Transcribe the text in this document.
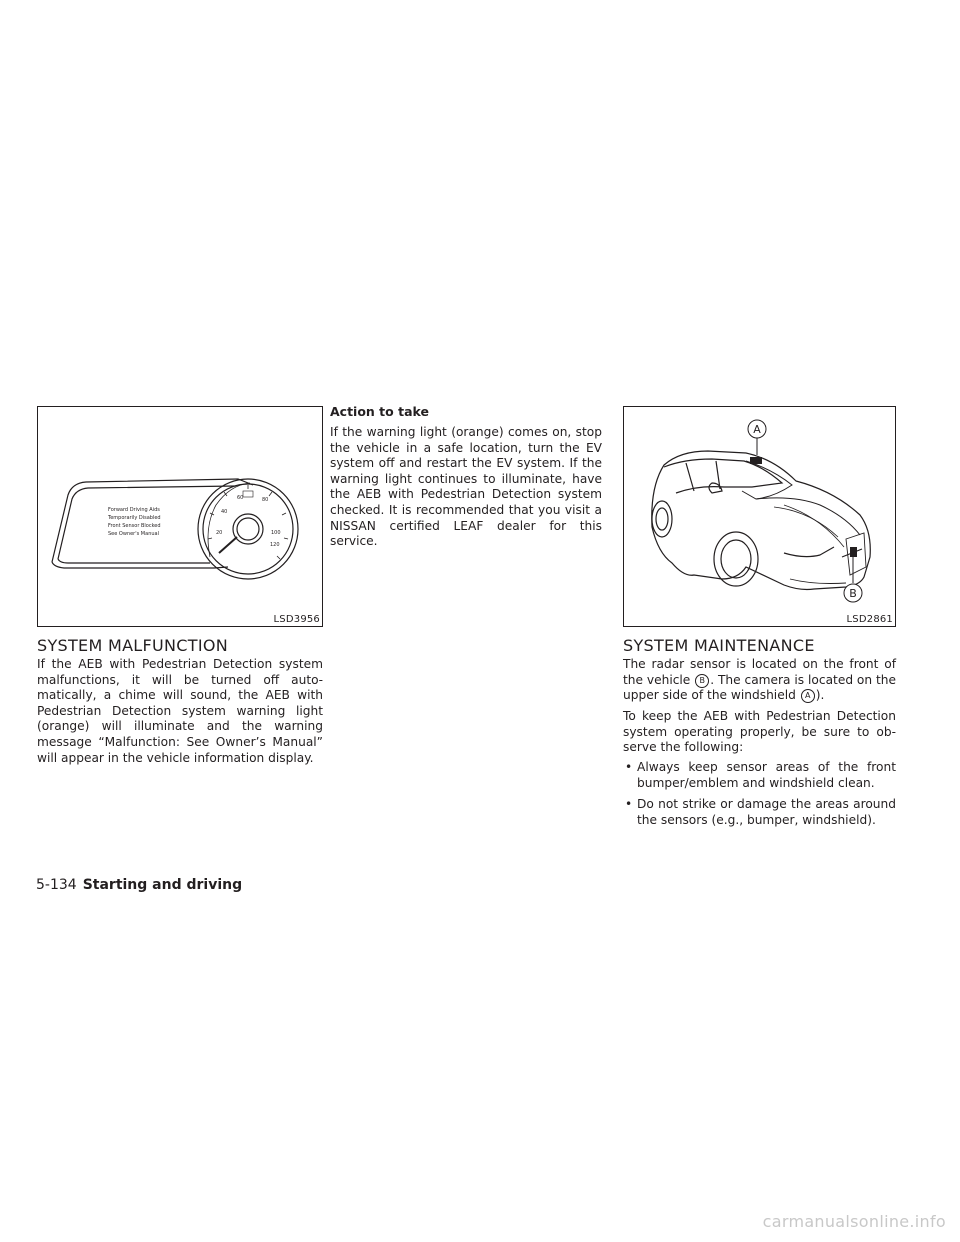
Forward Driving Aids
Temporarily Disabled
Front Sensor Blocked
See Owner's Manual	20
40
60	80
100
120
LSD3956
A
B
LSD2861
SYSTEM MALFUNCTION

If the AEB with Pedestrian Detection system malfunctions, it will be turned off automatically, a chime will sound, the AEB with Pedestrian Detection system warning light (orange) will illuminate and the warning message “Malfunction: See Owner’s Manual” will appear in the vehicle information display.

Action to take

If the warning light (orange) comes on, stop the vehicle in a safe location, turn the EV system off and restart the EV system. If the warning light continues to illuminate, have the AEB with Pedestrian Detection system checked. It is recommended that you visit a NISSAN certified LEAF dealer for this service.

SYSTEM MAINTENANCE

The radar sensor is located on the front of the vehicle B . The camera is located on the upper side of the windshield A ).

To keep the AEB with Pedestrian Detection system operating properly, be sure to observe the following:

• Always keep sensor areas of the front bumper/emblem and windshield clean.
• Do not strike or damage the areas around the sensors (e.g., bumper, windshield).
5-134 Starting and driving
carmanualsonline.info
